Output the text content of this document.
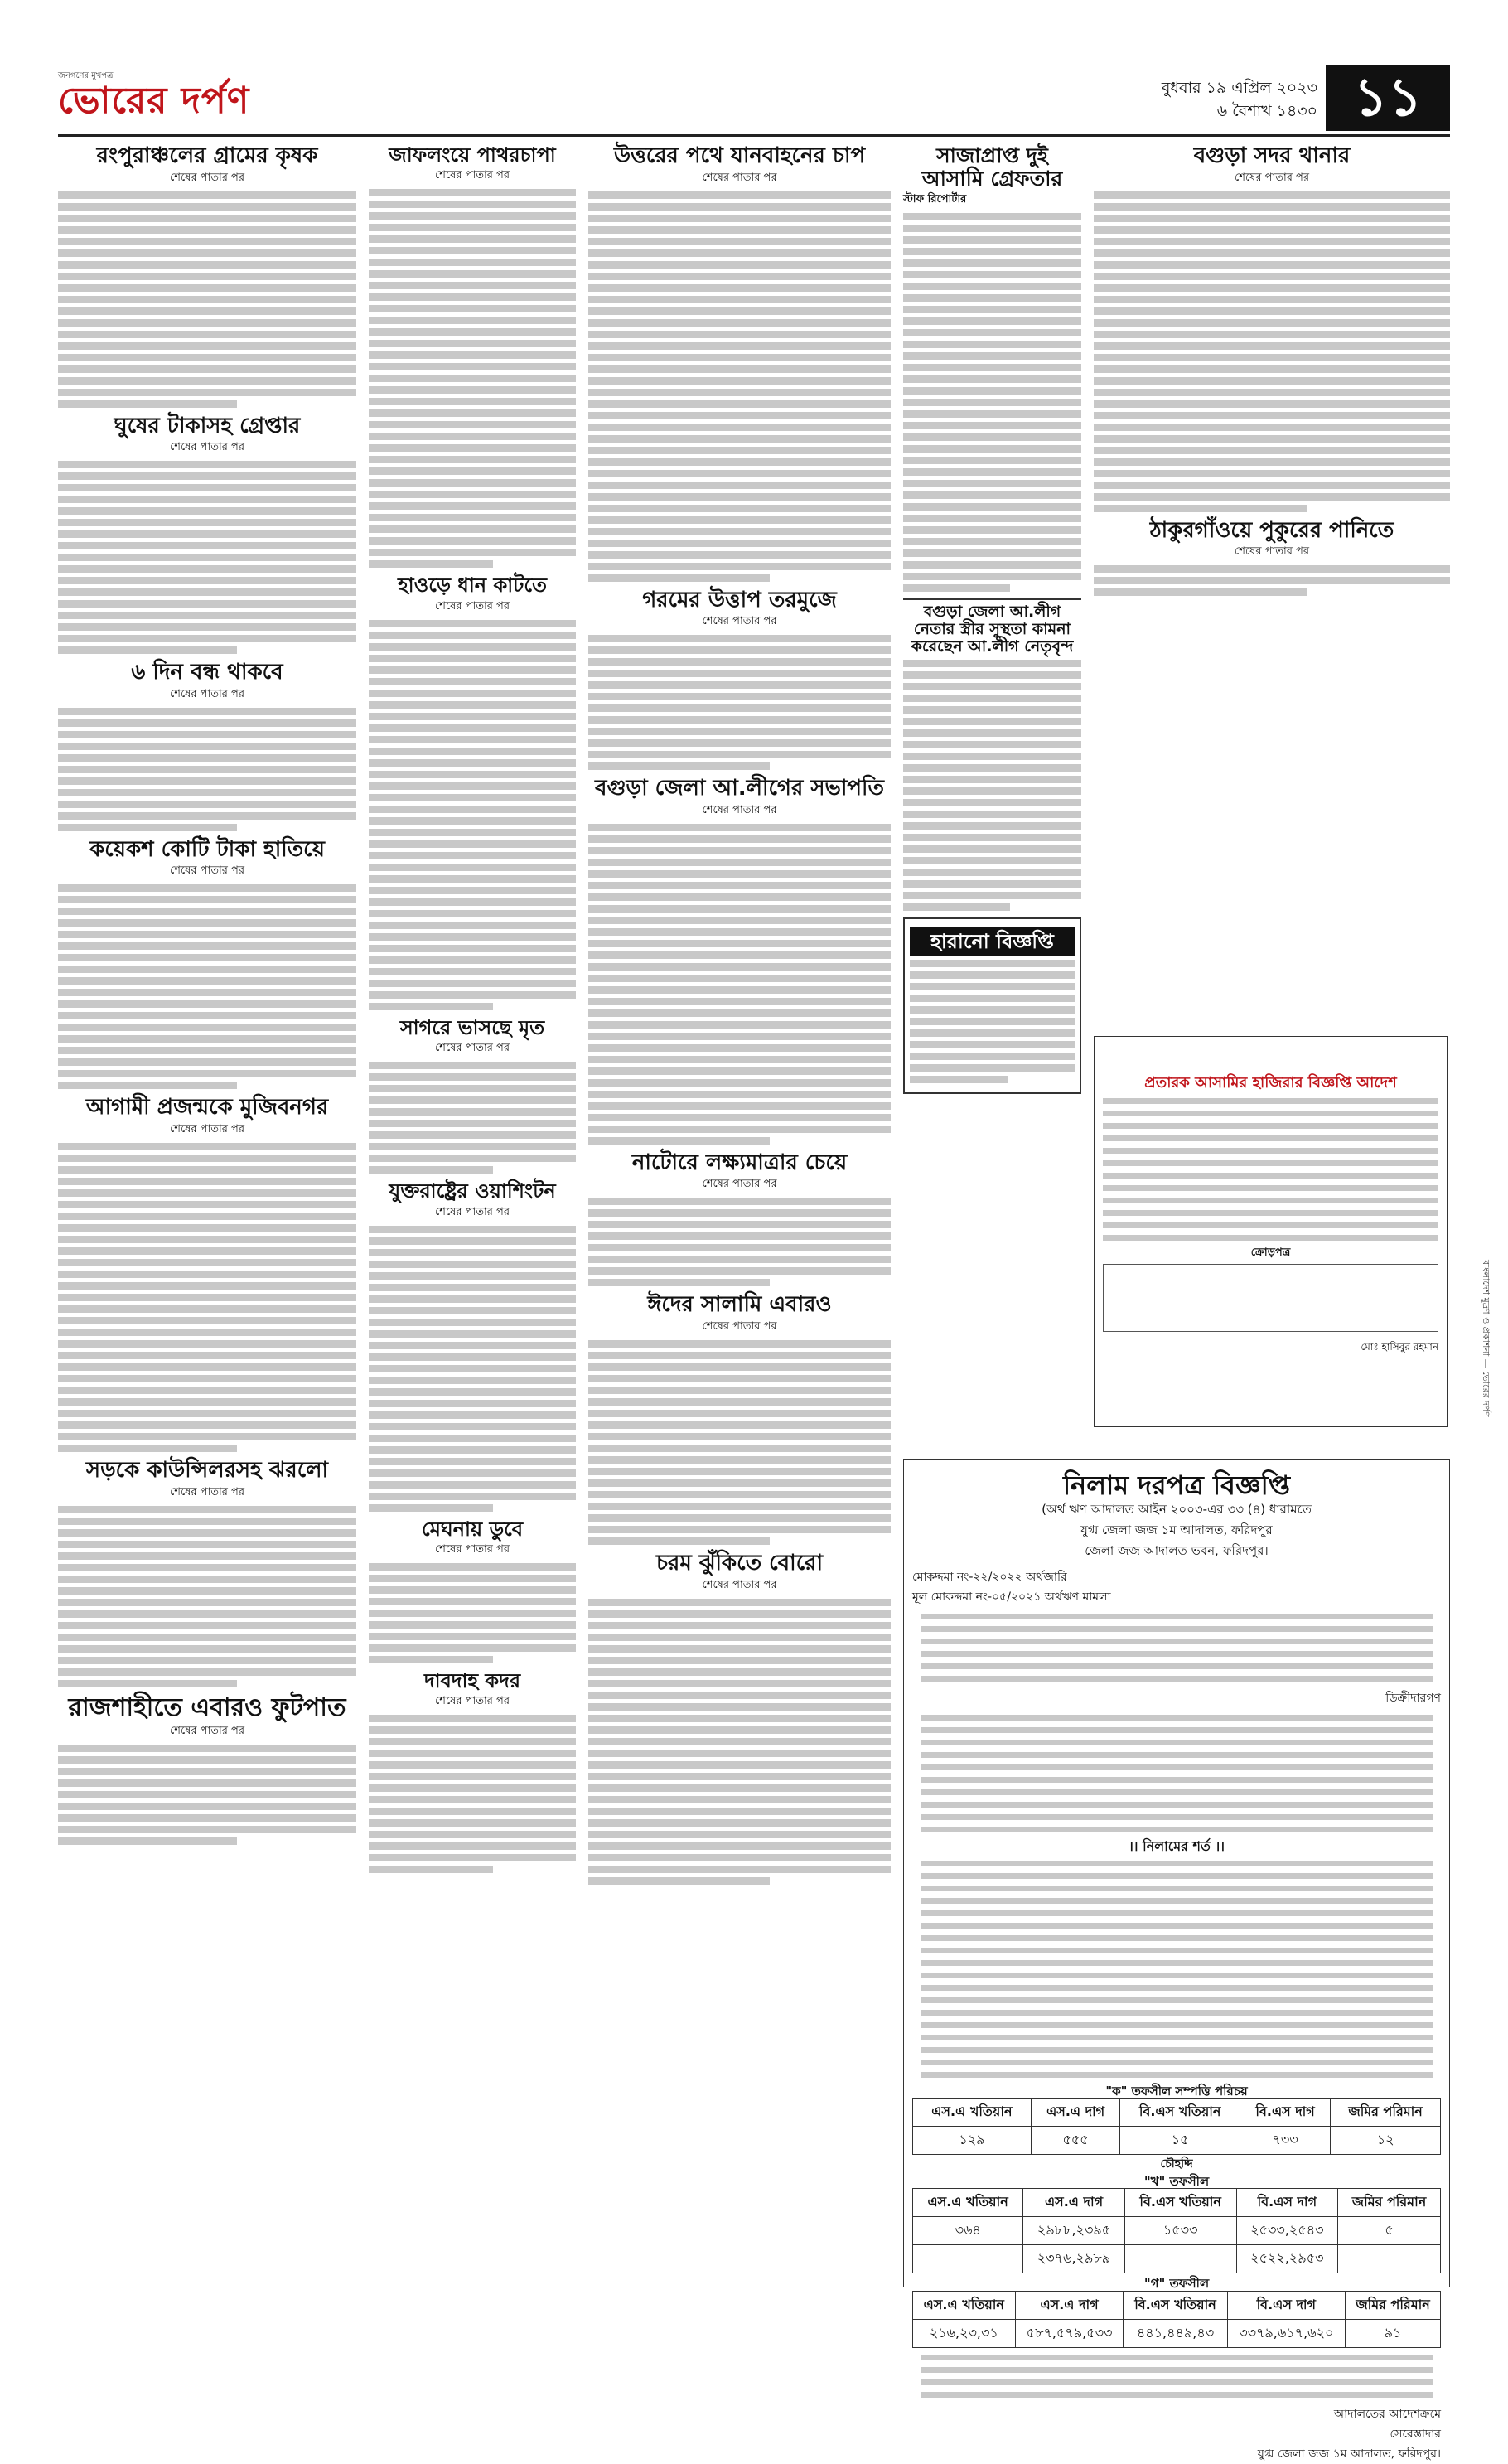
জনগণের মুখপত্র
ভোরের দর্পণ	বুধবার ১৯ এপ্রিল ২০২৩
৬ বৈশাখ ১৪৩০ ১১
রংপুরাঞ্চলের গ্রামের কৃষক
শেষের পাতার পর
ঘুষের টাকাসহ গ্রেপ্তার
শেষের পাতার পর
৬ দিন বন্ধ থাকবে
শেষের পাতার পর
কয়েকশ কোটি টাকা হাতিয়ে
শেষের পাতার পর
আগামী প্রজন্মকে মুজিবনগর
শেষের পাতার পর
সড়কে কাউন্সিলরসহ ঝরলো
শেষের পাতার পর
রাজশাহীতে এবারও ফুটপাত
শেষের পাতার পর
জাফলংয়ে পাথরচাপা
শেষের পাতার পর
হাওড়ে ধান কাটতে
শেষের পাতার পর
সাগরে ভাসছে মৃত
শেষের পাতার পর
যুক্তরাষ্ট্রের ওয়াশিংটন
শেষের পাতার পর
মেঘনায় ডুবে
শেষের পাতার পর
দাবদাহ কদর
শেষের পাতার পর
উত্তরের পথে যানবাহনের চাপ
শেষের পাতার পর
গরমের উত্তাপ তরমুজে
শেষের পাতার পর
বগুড়া জেলা আ.লীগের সভাপতি
শেষের পাতার পর
নাটোরে লক্ষ্যমাত্রার চেয়ে
শেষের পাতার পর
ঈদের সালামি এবারও
শেষের পাতার পর
চরম ঝুঁকিতে বোরো
শেষের পাতার পর
সাজাপ্রাপ্ত দুই আসামি গ্রেফতার
স্টাফ রিপোর্টার
বগুড়া জেলা আ.লীগ নেতার স্ত্রীর সুস্থতা কামনা করেছেন আ.লীগ নেতৃবৃন্দ
হারানো বিজ্ঞপ্তি
বগুড়া সদর থানার
শেষের পাতার পর
ঠাকুরগাঁওয়ে পুকুরের পানিতে
শেষের পাতার পর
প্রতারক আসামির হাজিরার বিজ্ঞপ্তি আদেশ
ক্রোড়পত্র
মোঃ হাসিবুর রহমান
নিলাম দরপত্র বিজ্ঞপ্তি
(অর্থ ঋণ আদালত আইন ২০০৩-এর ৩৩ (৪) ধারামতে
যুগ্ম জেলা জজ ১ম আদালত, ফরিদপুর
জেলা জজ আদালত ভবন, ফরিদপুর।
মোকদ্দমা নং-২২/২০২২ অর্থজারি
মূল মোকদ্দমা নং-০৫/২০২১ অর্থঋণ মামলা
ডিক্রীদারগণ
।। নিলামের শর্ত ।।
"ক" তফসীল সম্পত্তি পরিচয়
এস.এ খতিয়ান	এস.এ দাগ	বি.এস খতিয়ান	বি.এস দাগ	জমির পরিমান
১২৯	৫৫৫	১৫	৭৩৩	১২
চৌহদ্দি
"খ" তফসীল
এস.এ খতিয়ান	এস.এ দাগ	বি.এস খতিয়ান	বি.এস দাগ	জমির পরিমান
৩৬৪	২৯৮৮,২৩৯৫	১৫৩৩	২৫৩৩,২৫৪৩	৫
	২৩৭৬,২৯৮৯		২৫২২,২৯৫৩	
"গ" তফসীল
এস.এ খতিয়ান	এস.এ দাগ	বি.এস খতিয়ান	বি.এস দাগ	জমির পরিমান
২১৬,২৩,৩১	৫৮৭,৫৭৯,৫৩৩	৪৪১,৪৪৯,৪৩	৩৩৭৯,৬১৭,৬২০	৯১
আদালতের আদেশক্রমে
সেরেস্তাদার
যুগ্ম জেলা জজ ১ম আদালত, ফরিদপুর।
বাংলাদেশ মুদ্রণ ও প্রকাশনা — ভোরের দর্পণ
